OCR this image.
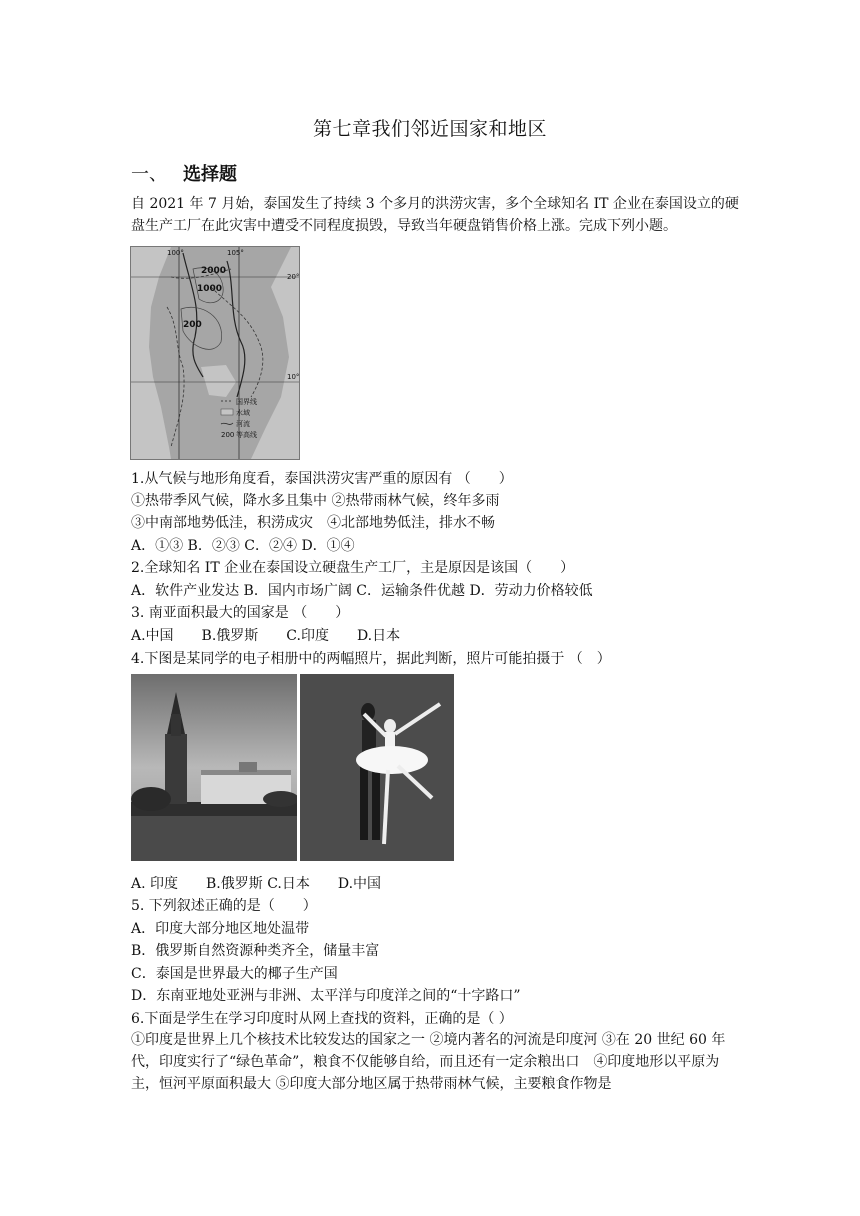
第七章我们邻近国家和地区
一、 选择题
自 2021 年 7 月始，泰国发生了持续 3 个多月的洪涝灾害，多个全球知名 IT 企业在泰国设立的硬盘生产工厂在此灾害中遭受不同程度损毁，导致当年硬盘销售价格上涨。完成下列小题。
100°	105°
20°
10°
2000
1000
200
国界线
水域
河流
200 等高线
1.从气候与地形角度看，泰国洪涝灾害严重的原因有 （　　）
①热带季风气候，降水多且集中 ②热带雨林气候，终年多雨
③中南部地势低洼，积涝成灾　④北部地势低洼，排水不畅
A．①③ B．②③ C．②④ D．①④
2.全球知名 IT 企业在泰国设立硬盘生产工厂，主是原因是该国（　　）
A．软件产业发达 B．国内市场广阔 C．运输条件优越 D．劳动力价格较低
3. 南亚面积最大的国家是 （　　）
A.中国　　B.俄罗斯　　C.印度　　D.日本
4.下图是某同学的电子相册中的两幅照片，据此判断，照片可能拍摄于 （　）
A. 印度　　B.俄罗斯 C.日本　　D.中国
5. 下列叙述正确的是（　　）
A．印度大部分地区地处温带
B．俄罗斯自然资源种类齐全，储量丰富
C．泰国是世界最大的椰子生产国
D．东南亚地处亚洲与非洲、太平洋与印度洋之间的“十字路口”
6.下面是学生在学习印度时从网上查找的资料，正确的是（ ）
①印度是世界上几个核技术比较发达的国家之一 ②境内著名的河流是印度河 ③在 20 世纪 60 年代，印度实行了“绿色革命”，粮食不仅能够自给，而且还有一定余粮出口　④印度地形以平原为主，恒河平原面积最大 ⑤印度大部分地区属于热带雨林气候，主要粮食作物是
